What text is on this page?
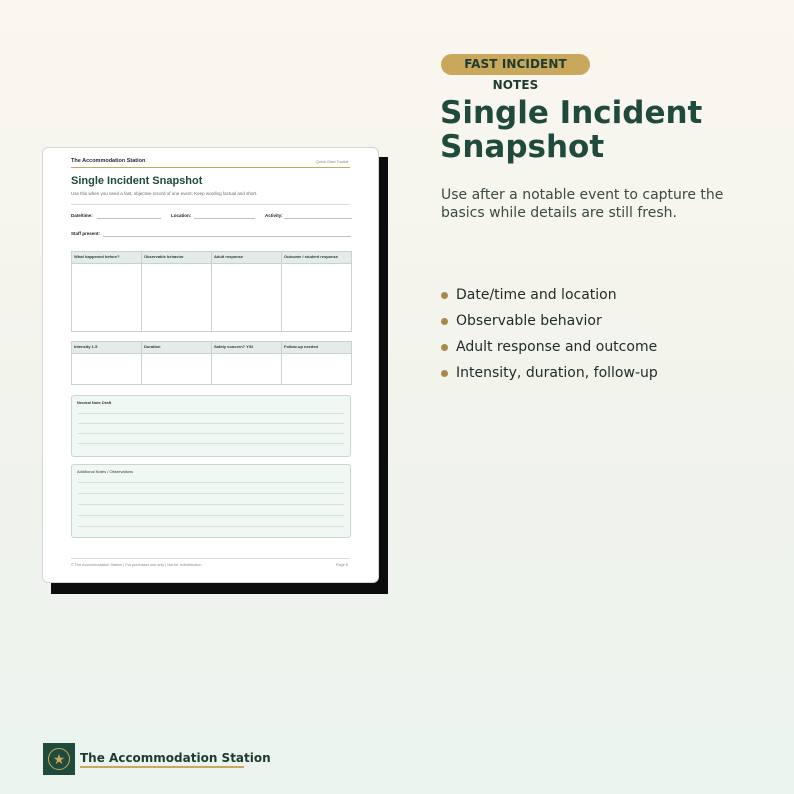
FAST INCIDENT NOTES
Single Incident Snapshot

Use after a notable event to capture the basics while details are still fresh.

Date/time and location
Observable behavior
Adult response and outcome
Intensity, duration, follow-up
The Accommodation Station	Quick-Start Toolkit
Single Incident Snapshot
Use this when you need a fast, objective record of one event. Keep wording factual and short.
Date/time:	Location:	Activity:
Staff present:
What happened before?	Observable behavior	Adult response	Outcome / student response
Intensity 1-5	Duration	Safety concern? Y/N	Follow-up needed
Neutral Note Draft
Additional Notes / Observations
© The Accommodation Station | For purchaser use only | Not for redistribution	Page 6
★	The Accommodation Station
